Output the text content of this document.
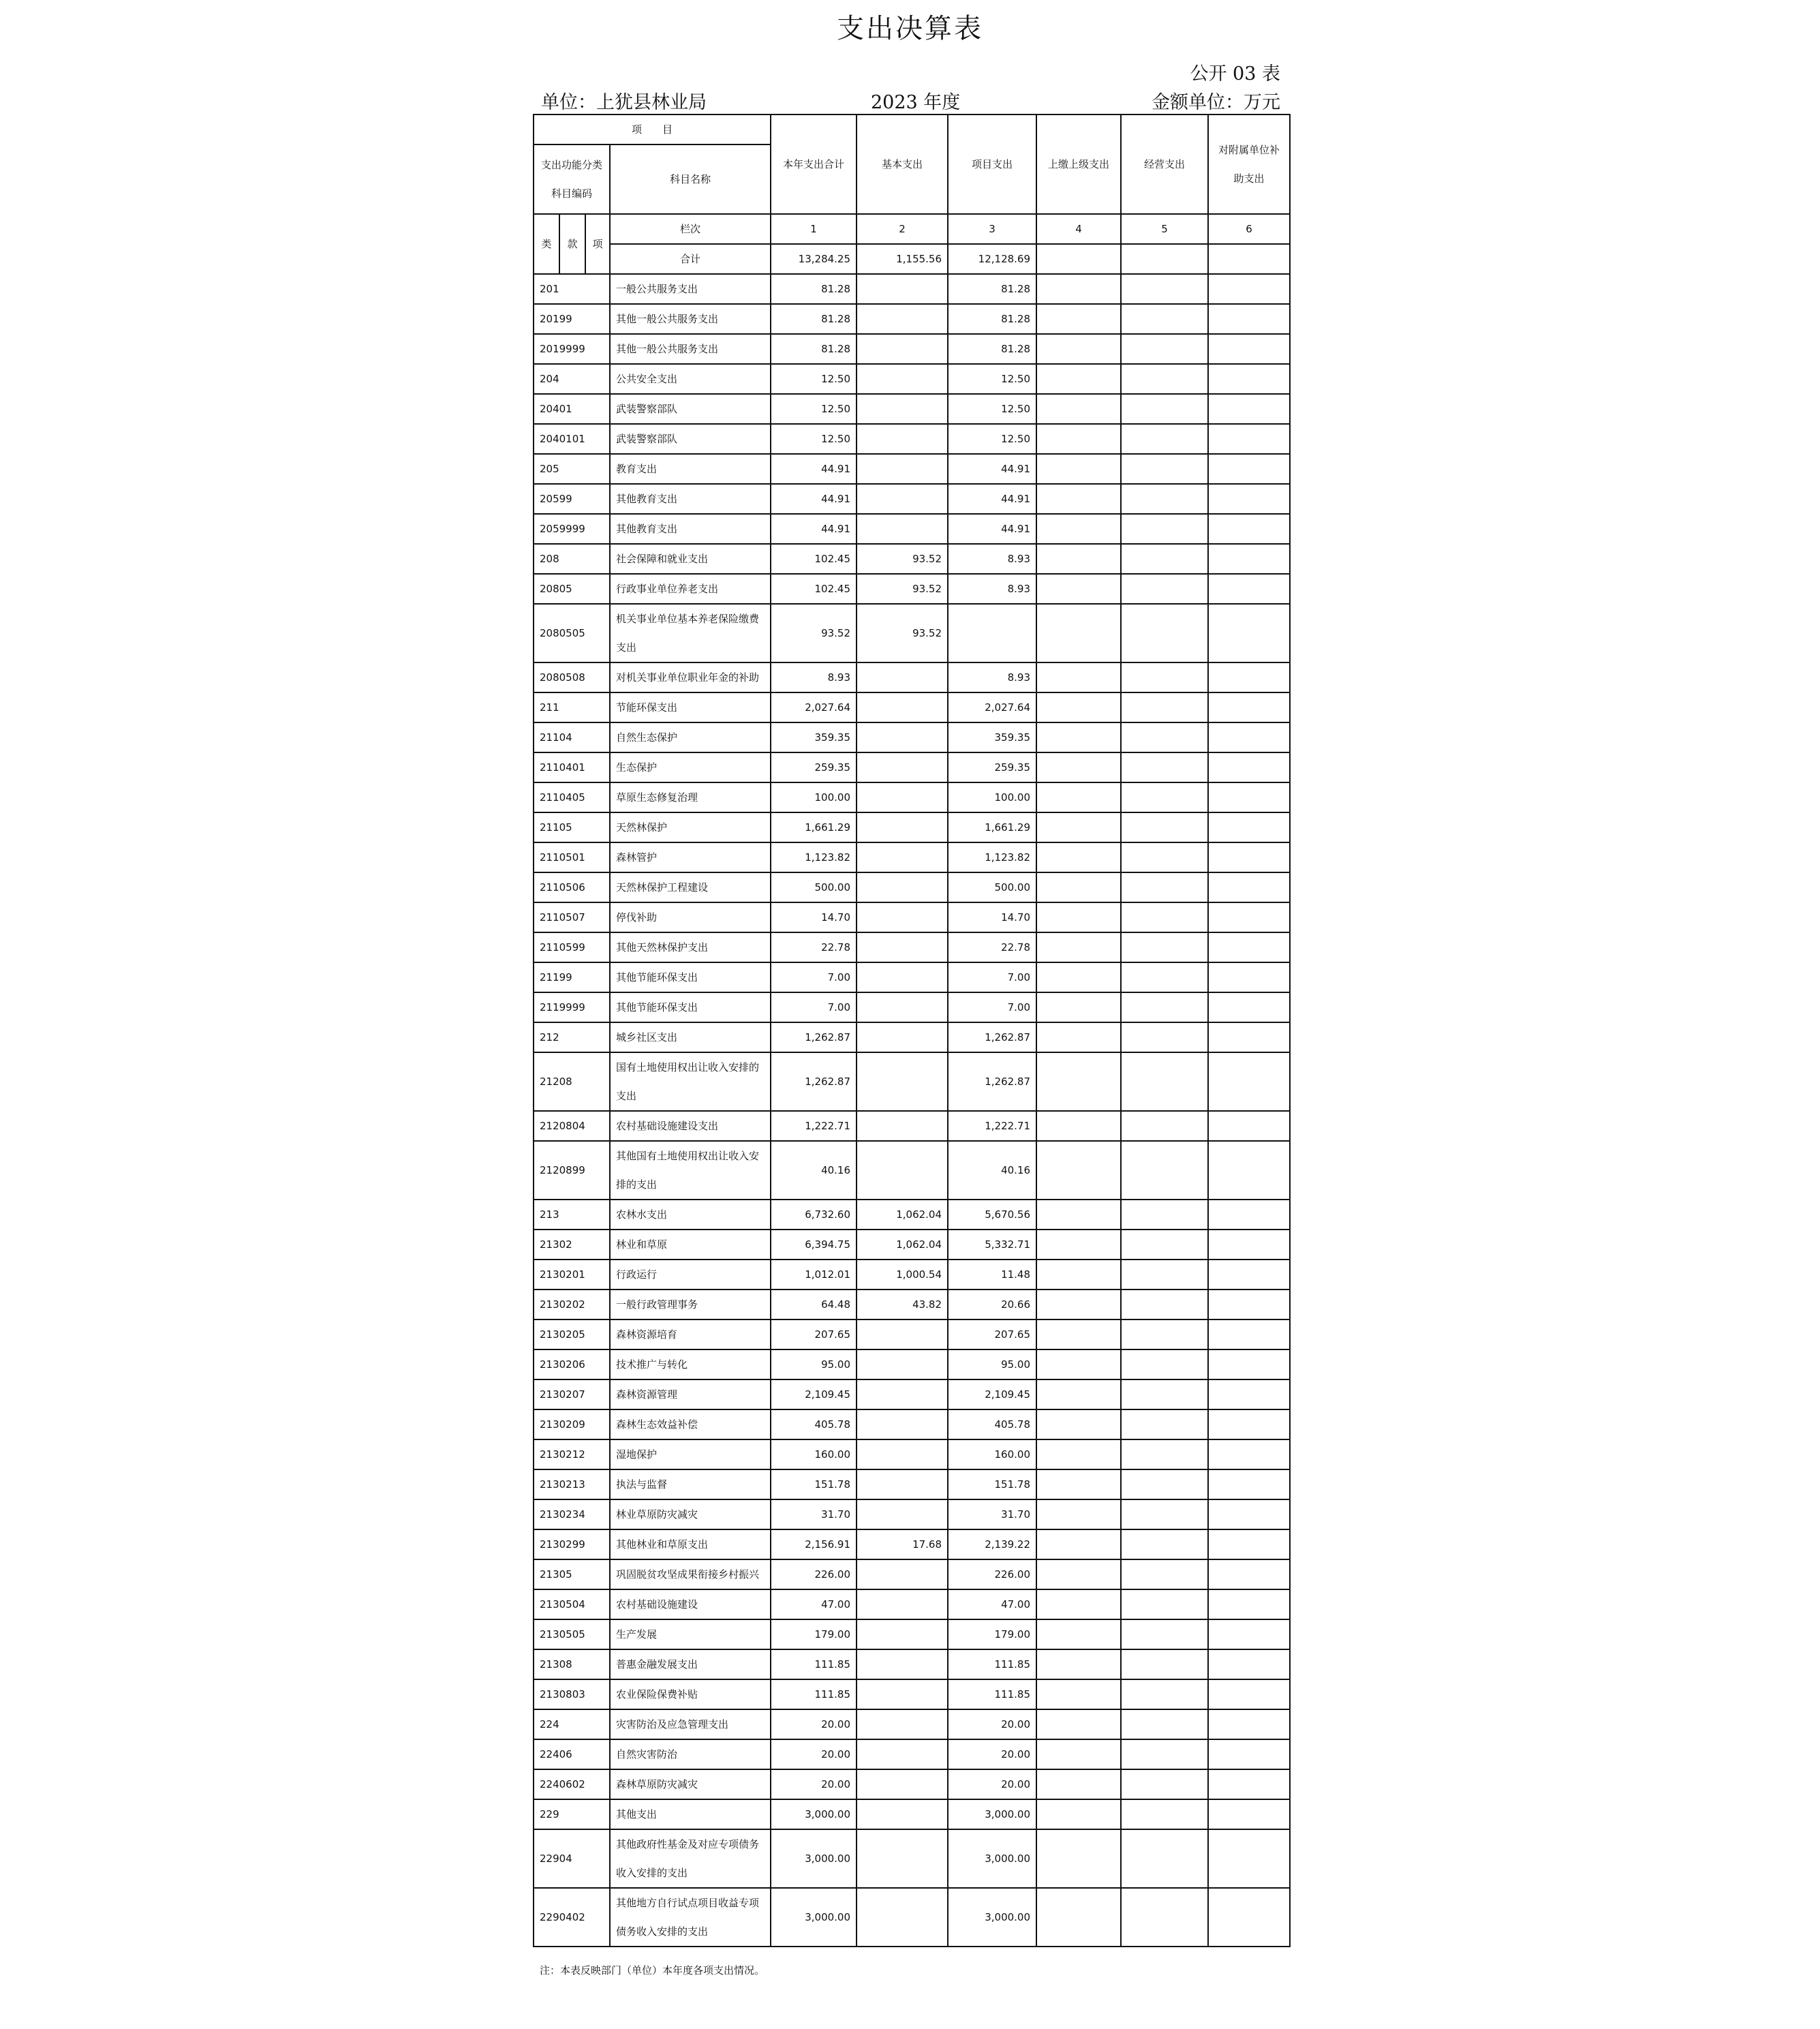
支出决算表
公开 03 表
单位：上犹县林业局	2023 年度	金额单位：万元
项　　目				本年支出合计	基本支出	项目支出	上缴上级支出	经营支出	对附属单位补助支出
支出功能分类科目编码			科目名称						
类	款	项	栏次	1	2	3	4	5	6
			合计	13,284.25	1,155.56	12,128.69			
201			一般公共服务支出	81.28		81.28			
20199			其他一般公共服务支出	81.28		81.28			
2019999			其他一般公共服务支出	81.28		81.28			
204			公共安全支出	12.50		12.50			
20401			武装警察部队	12.50		12.50			
2040101			武装警察部队	12.50		12.50			
205			教育支出	44.91		44.91			
20599			其他教育支出	44.91		44.91			
2059999			其他教育支出	44.91		44.91			
208			社会保障和就业支出	102.45	93.52	8.93			
20805			行政事业单位养老支出	102.45	93.52	8.93			
2080505			机关事业单位基本养老保险缴费支出	93.52	93.52				
2080508			对机关事业单位职业年金的补助	8.93		8.93			
211			节能环保支出	2,027.64		2,027.64			
21104			自然生态保护	359.35		359.35			
2110401			生态保护	259.35		259.35			
2110405			草原生态修复治理	100.00		100.00			
21105			天然林保护	1,661.29		1,661.29			
2110501			森林管护	1,123.82		1,123.82			
2110506			天然林保护工程建设	500.00		500.00			
2110507			停伐补助	14.70		14.70			
2110599			其他天然林保护支出	22.78		22.78			
21199			其他节能环保支出	7.00		7.00			
2119999			其他节能环保支出	7.00		7.00			
212			城乡社区支出	1,262.87		1,262.87			
21208			国有土地使用权出让收入安排的支出	1,262.87		1,262.87			
2120804			农村基础设施建设支出	1,222.71		1,222.71			
2120899			其他国有土地使用权出让收入安排的支出	40.16		40.16			
213			农林水支出	6,732.60	1,062.04	5,670.56			
21302			林业和草原	6,394.75	1,062.04	5,332.71			
2130201			行政运行	1,012.01	1,000.54	11.48			
2130202			一般行政管理事务	64.48	43.82	20.66			
2130205			森林资源培育	207.65		207.65			
2130206			技术推广与转化	95.00		95.00			
2130207			森林资源管理	2,109.45		2,109.45			
2130209			森林生态效益补偿	405.78		405.78			
2130212			湿地保护	160.00		160.00			
2130213			执法与监督	151.78		151.78			
2130234			林业草原防灾减灾	31.70		31.70			
2130299			其他林业和草原支出	2,156.91	17.68	2,139.22			
21305			巩固脱贫攻坚成果衔接乡村振兴	226.00		226.00			
2130504			农村基础设施建设	47.00		47.00			
2130505			生产发展	179.00		179.00			
21308			普惠金融发展支出	111.85		111.85			
2130803			农业保险保费补贴	111.85		111.85			
224			灾害防治及应急管理支出	20.00		20.00			
22406			自然灾害防治	20.00		20.00			
2240602			森林草原防灾减灾	20.00		20.00			
229			其他支出	3,000.00		3,000.00			
22904			其他政府性基金及对应专项债务收入安排的支出	3,000.00		3,000.00			
2290402			其他地方自行试点项目收益专项债务收入安排的支出	3,000.00		3,000.00			
注：本表反映部门（单位）本年度各项支出情况。
